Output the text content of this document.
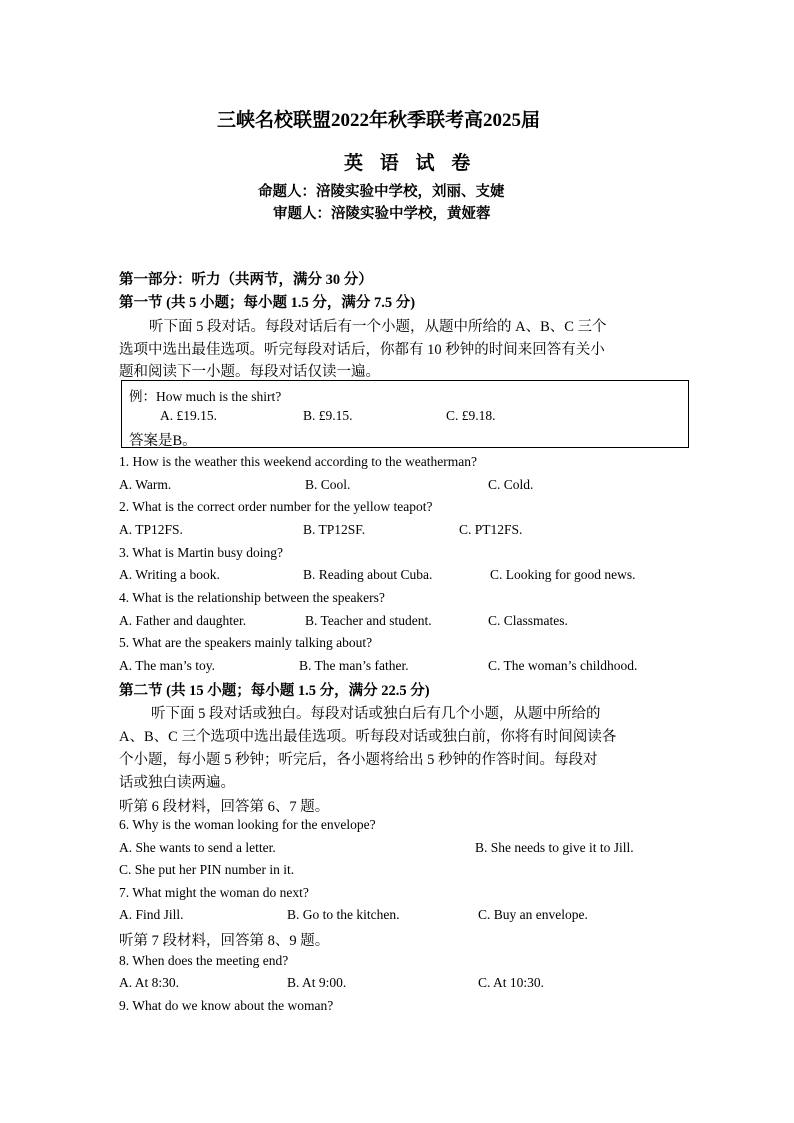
三峡名校联盟2022年秋季联考高2025届
英 语 试 卷
命题人：涪陵实验中学校，刘丽、支婕
审题人：涪陵实验中学校，黄娅蓉
第一部分：听力（共两节，满分 30 分）
第一节 (共 5 小题；每小题 1.5 分，满分 7.5 分)
听下面 5 段对话。每段对话后有一个小题，从题中所给的 A、B、C 三个
选项中选出最佳选项。听完每段对话后，你都有 10 秒钟的时间来回答有关小
题和阅读下一小题。每段对话仅读一遍。
例：How much is the shirt?
A. £19.15.	B. £9.15.	C. £9.18.
答案是B。
1. How is the weather this weekend according to the weatherman?
A. Warm.	B. Cool.	C. Cold.
2. What is the correct order number for the yellow teapot?
A. TP12FS.	B. TP12SF.	C. PT12FS.
3. What is Martin busy doing?
A. Writing a book.	B. Reading about Cuba.	C. Looking for good news.
4. What is the relationship between the speakers?
A. Father and daughter.	B. Teacher and student.	C. Classmates.
5. What are the speakers mainly talking about?
A. The man’s toy.	B. The man’s father.	C. The woman’s childhood.
第二节 (共 15 小题；每小题 1.5 分，满分 22.5 分)
听下面 5 段对话或独白。每段对话或独白后有几个小题，从题中所给的
A、B、C 三个选项中选出最佳选项。听每段对话或独白前，你将有时间阅读各
个小题，每小题 5 秒钟；听完后，各小题将给出 5 秒钟的作答时间。每段对
话或独白读两遍。
听第 6 段材料，回答第 6、7 题。
6. Why is the woman looking for the envelope?
A. She wants to send a letter.	B. She needs to give it to Jill.
C. She put her PIN number in it.
7. What might the woman do next?
A. Find Jill.	B. Go to the kitchen.	C. Buy an envelope.
听第 7 段材料，回答第 8、9 题。
8. When does the meeting end?
A. At 8:30.	B. At 9:00.	C. At 10:30.
9. What do we know about the woman?
